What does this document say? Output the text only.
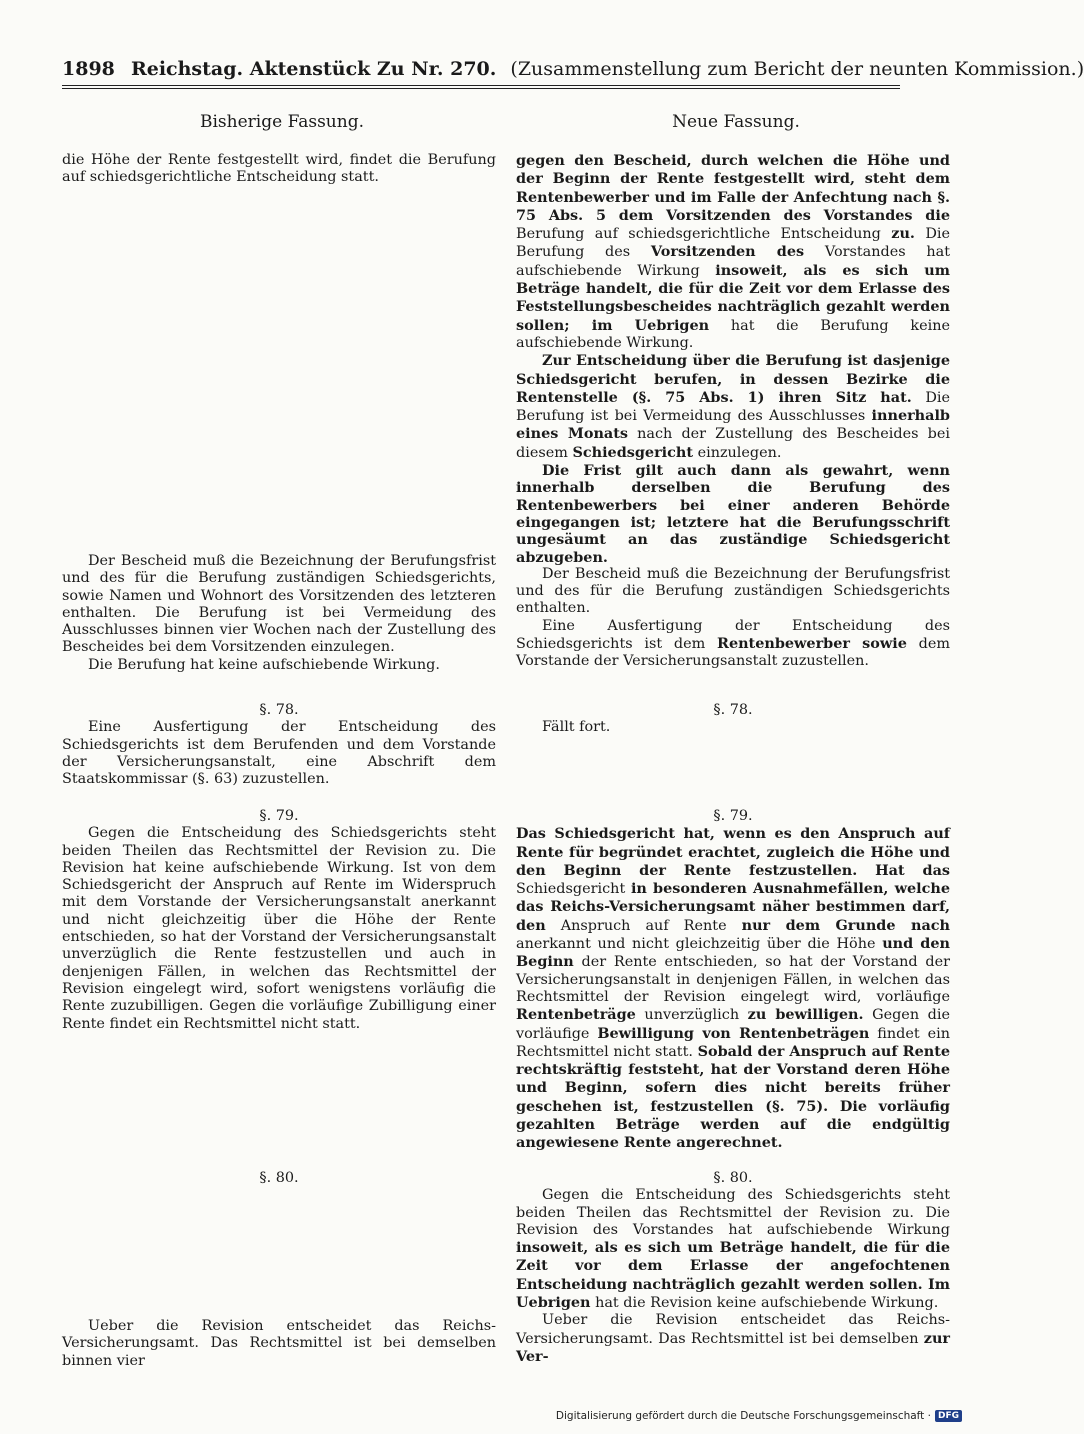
1898 Reichstag. Aktenstück Zu Nr. 270. (Zusammenstellung zum Bericht der neunten Kommission.)
Bisherige Fassung.	Neue Fassung.

die Höhe der Rente festgestellt wird, findet die Berufung auf schiedsgerichtliche Entscheidung statt.

Der Bescheid muß die Bezeichnung der Berufungsfrist und des für die Berufung zuständigen Schiedsgerichts, sowie Namen und Wohnort des Vorsitzenden des letzteren enthalten. Die Berufung ist bei Vermeidung des Ausschlusses binnen vier Wochen nach der Zustellung des Bescheides bei dem Vorsitzenden einzulegen.

Die Berufung hat keine aufschiebende Wirkung.

§. 78.

Eine Ausfertigung der Entscheidung des Schiedsgerichts ist dem Berufenden und dem Vorstande der Versicherungsanstalt, eine Abschrift dem Staatskommissar (§. 63) zuzustellen.

§. 79.

Gegen die Entscheidung des Schiedsgerichts steht beiden Theilen das Rechtsmittel der Revision zu. Die Revision hat keine aufschiebende Wirkung. Ist von dem Schiedsgericht der Anspruch auf Rente im Widerspruch mit dem Vorstande der Versicherungsanstalt anerkannt und nicht gleichzeitig über die Höhe der Rente entschieden, so hat der Vorstand der Versicherungsanstalt unverzüglich die Rente festzustellen und auch in denjenigen Fällen, in welchen das Rechtsmittel der Revision eingelegt wird, sofort wenigstens vorläufig die Rente zuzubilligen. Gegen die vorläufige Zubilligung einer Rente findet ein Rechtsmittel nicht statt.

§. 80.

Ueber die Revision entscheidet das Reichs-Versicherungsamt. Das Rechtsmittel ist bei demselben binnen vier

gegen den Bescheid, durch welchen die Höhe und der Beginn der Rente festgestellt wird, steht dem Rentenbewerber und im Falle der Anfechtung nach §. 75 Abs. 5 dem Vorsitzenden des Vorstandes die Berufung auf schiedsgerichtliche Entscheidung zu. Die Berufung des Vorsitzenden des Vorstandes hat aufschiebende Wirkung insoweit, als es sich um Beträge handelt, die für die Zeit vor dem Erlasse des Feststellungsbescheides nachträglich gezahlt werden sollen; im Uebrigen hat die Berufung keine aufschiebende Wirkung.

Zur Entscheidung über die Berufung ist dasjenige Schiedsgericht berufen, in dessen Bezirke die Rentenstelle (§. 75 Abs. 1) ihren Sitz hat. Die Berufung ist bei Vermeidung des Ausschlusses innerhalb eines Monats nach der Zustellung des Bescheides bei diesem Schiedsgericht einzulegen.

Die Frist gilt auch dann als gewahrt, wenn innerhalb derselben die Berufung des Rentenbewerbers bei einer anderen Behörde eingegangen ist; letztere hat die Berufungsschrift ungesäumt an das zuständige Schiedsgericht abzugeben.

Der Bescheid muß die Bezeichnung der Berufungsfrist und des für die Berufung zuständigen Schiedsgerichts enthalten.

Eine Ausfertigung der Entscheidung des Schiedsgerichts ist dem Rentenbewerber sowie dem Vorstande der Versicherungsanstalt zuzustellen.

§. 78.

Fällt fort.

§. 79.

Das Schiedsgericht hat, wenn es den Anspruch auf Rente für begründet erachtet, zugleich die Höhe und den Beginn der Rente festzustellen. Hat das Schiedsgericht in besonderen Ausnahmefällen, welche das Reichs-Versicherungsamt näher bestimmen darf, den Anspruch auf Rente nur dem Grunde nach anerkannt und nicht gleichzeitig über die Höhe und den Beginn der Rente entschieden, so hat der Vorstand der Versicherungsanstalt in denjenigen Fällen, in welchen das Rechtsmittel der Revision eingelegt wird, vorläufige Rentenbeträge unverzüglich zu bewilligen. Gegen die vorläufige Bewilligung von Rentenbeträgen findet ein Rechtsmittel nicht statt. Sobald der Anspruch auf Rente rechtskräftig feststeht, hat der Vorstand deren Höhe und Beginn, sofern dies nicht bereits früher geschehen ist, festzustellen (§. 75). Die vorläufig gezahlten Beträge werden auf die endgültig angewiesene Rente angerechnet.

§. 80.

Gegen die Entscheidung des Schiedsgerichts steht beiden Theilen das Rechtsmittel der Revision zu. Die Revision des Vorstandes hat aufschiebende Wirkung insoweit, als es sich um Beträge handelt, die für die Zeit vor dem Erlasse der angefochtenen Entscheidung nachträglich gezahlt werden sollen. Im Uebrigen hat die Revision keine aufschiebende Wirkung.

Ueber die Revision entscheidet das Reichs-Versicherungsamt. Das Rechtsmittel ist bei demselben zur Ver-

Digitalisierung gefördert durch die Deutsche Forschungsgemeinschaft · DFG
